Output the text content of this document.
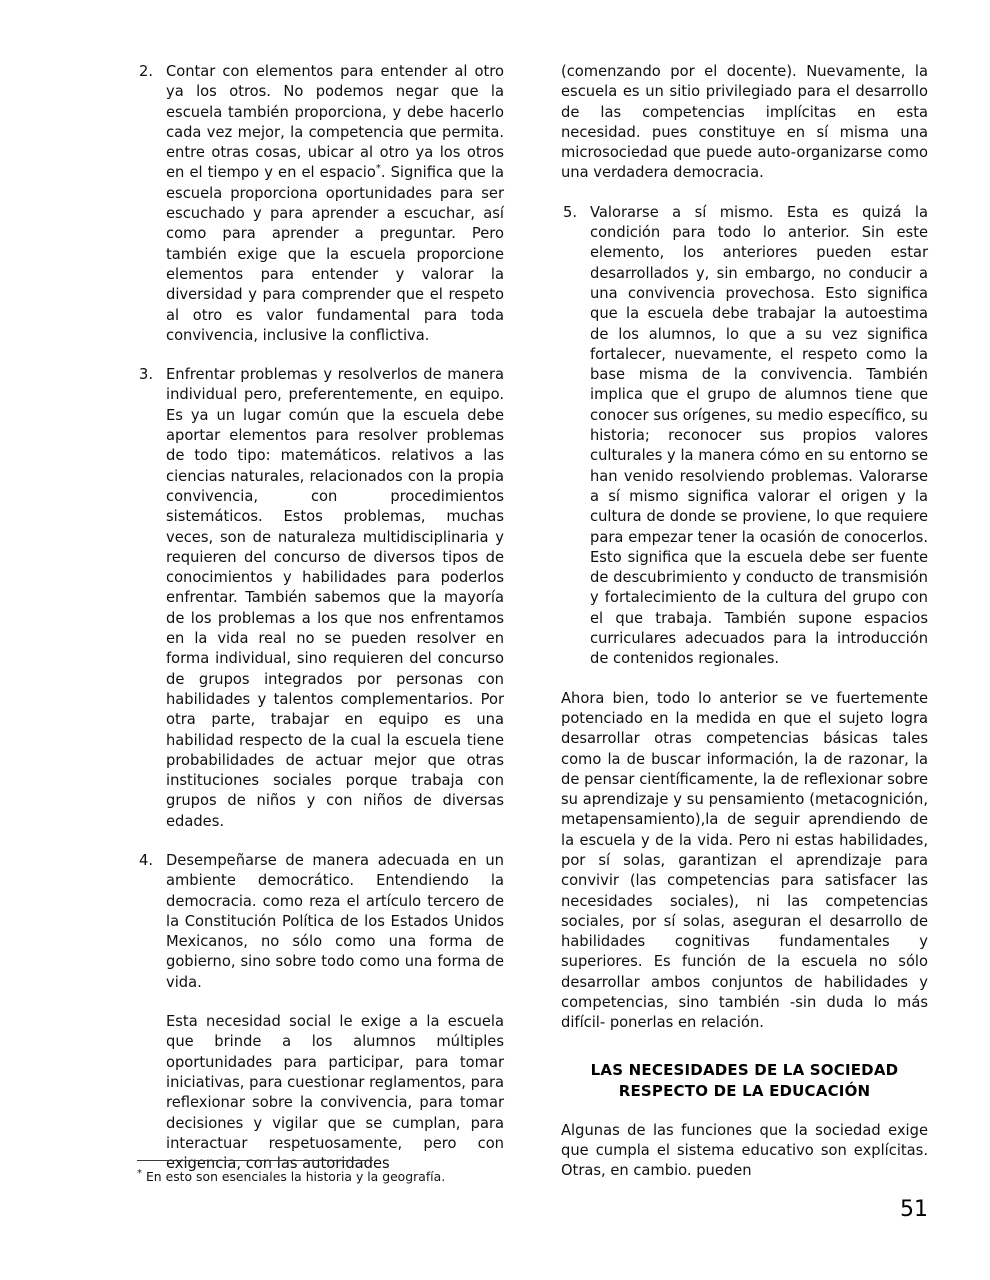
2. Contar con elementos para entender al otro ya los otros. No podemos negar que la escuela también proporciona, y debe hacerlo cada vez mejor, la competencia que permita. entre otras cosas, ubicar al otro ya los otros en el tiempo y en el espacio*. Significa que la escuela proporciona oportunidades para ser escuchado y para aprender a escuchar, así como para aprender a preguntar. Pero también exige que la escuela proporcione elementos para entender y valorar la diversidad y para comprender que el respeto al otro es valor fundamental para toda convivencia, inclusive la conflictiva.
3. Enfrentar problemas y resolverlos de manera individual pero, preferentemente, en equipo. Es ya un lugar común que la escuela debe aportar elementos para resolver problemas de todo tipo: matemáticos. relativos a las ciencias naturales, relacionados con la propia convivencia, con procedimientos sistemáticos. Estos problemas, muchas veces, son de naturaleza multidisciplinaria y requieren del concurso de diversos tipos de conocimientos y habilidades para poderlos enfrentar. También sabemos que la mayoría de los problemas a los que nos enfrentamos en la vida real no se pueden resolver en forma individual, sino requieren del concurso de grupos integrados por personas con habilidades y talentos complementarios. Por otra parte, trabajar en equipo es una habilidad respecto de la cual la escuela tiene probabilidades de actuar mejor que otras instituciones sociales porque trabaja con grupos de niños y con niños de diversas edades.
4. Desempeñarse de manera adecuada en un ambiente democrático. Entendiendo la democracia. como reza el artículo tercero de la Constitución Política de los Estados Unidos Mexicanos, no sólo como una forma de gobierno, sino sobre todo como una forma de vida.

Esta necesidad social le exige a la escuela que brinde a los alumnos múltiples oportunidades para participar, para tomar iniciativas, para cuestionar reglamentos, para reflexionar sobre la convivencia, para tomar decisiones y vigilar que se cumplan, para interactuar respetuosamente, pero con exigencia, con las autoridades

(comenzando por el docente). Nuevamente, la escuela es un sitio privilegiado para el desarrollo de las competencias implícitas en esta necesidad. pues constituye en sí misma una microsociedad que puede auto-organizarse como una verdadera democracia.

5. Valorarse a sí mismo. Esta es quizá la condición para todo lo anterior. Sin este elemento, los anteriores pueden estar desarrollados y, sin embargo, no conducir a una convivencia provechosa. Esto significa que la escuela debe trabajar la autoestima de los alumnos, lo que a su vez significa fortalecer, nuevamente, el respeto como la base misma de la convivencia. También implica que el grupo de alumnos tiene que conocer sus orígenes, su medio específico, su historia; reconocer sus propios valores culturales y la manera cómo en su entorno se han venido resolviendo problemas. Valorarse a sí mismo significa valorar el origen y la cultura de donde se proviene, lo que requiere para empezar tener la ocasión de conocerlos. Esto significa que la escuela debe ser fuente de descubrimiento y conducto de transmisión y fortalecimiento de la cultura del grupo con el que trabaja. También supone espacios curriculares adecuados para la introducción de contenidos regionales.

Ahora bien, todo lo anterior se ve fuertemente potenciado en la medida en que el sujeto logra desarrollar otras competencias básicas tales como la de buscar información, la de razonar, la de pensar científicamente, la de reflexionar sobre su aprendizaje y su pensamiento (metacognición, metapensamiento),la de seguir aprendiendo de la escuela y de la vida. Pero ni estas habilidades, por sí solas, garantizan el aprendizaje para convivir (las competencias para satisfacer las necesidades sociales), ni las competencias sociales, por sí solas, aseguran el desarrollo de habilidades cognitivas fundamentales y superiores. Es función de la escuela no sólo desarrollar ambos conjuntos de habilidades y competencias, sino también -sin duda lo más difícil- ponerlas en relación.

LAS NECESIDADES DE LA SOCIEDAD
RESPECTO DE LA EDUCACIÓN

Algunas de las funciones que la sociedad exige que cumpla el sistema educativo son explícitas. Otras, en cambio. pueden

* En esto son esenciales la historia y la geografía.
51
